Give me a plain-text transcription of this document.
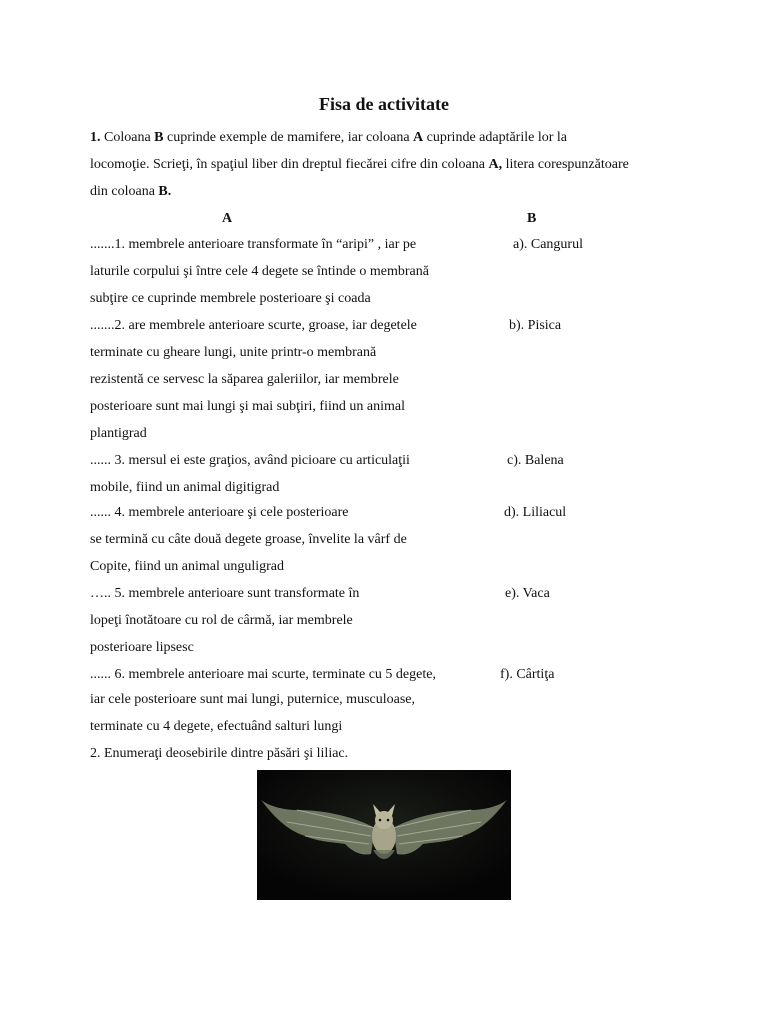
Fisa de activitate
1. Coloana B cuprinde exemple de mamifere, iar coloana A cuprinde adaptările lor la
locomoţie. Scrieţi, în spaţiul liber din dreptul fiecărei cifre din coloana A, litera corespunzătoare
din coloana B.
A	B
.......1. membrele anterioare transformate în “aripi” , iar pe
laturile corpului şi între cele 4 degete se întinde o membrană
subţire ce cuprinde membrele posterioare şi coada
a). Cangurul
.......2. are membrele anterioare scurte, groase, iar degetele
terminate cu gheare lungi, unite printr-o membrană
rezistentă ce servesc la săparea galeriilor, iar membrele
posterioare sunt mai lungi şi mai subţiri, fiind un animal
plantigrad
b). Pisica
...... 3. mersul ei este graţios, având picioare cu articulaţii
mobile, fiind un animal digitigrad
c). Balena
...... 4. membrele anterioare şi cele posterioare
se termină cu câte două degete groase, învelite la vârf de
Copite, fiind un animal unguligrad
d). Liliacul
….. 5. membrele anterioare sunt transformate în
lopeţi înotătoare cu rol de cârmă, iar membrele
posterioare lipsesc
e). Vaca
...... 6. membrele anterioare mai scurte, terminate cu 5 degete,
iar cele posterioare sunt mai lungi, puternice, musculoase,
terminate cu 4 degete, efectuând salturi lungi
f). Cârtiţa
2. Enumeraţi deosebirile dintre păsări şi liliac.
